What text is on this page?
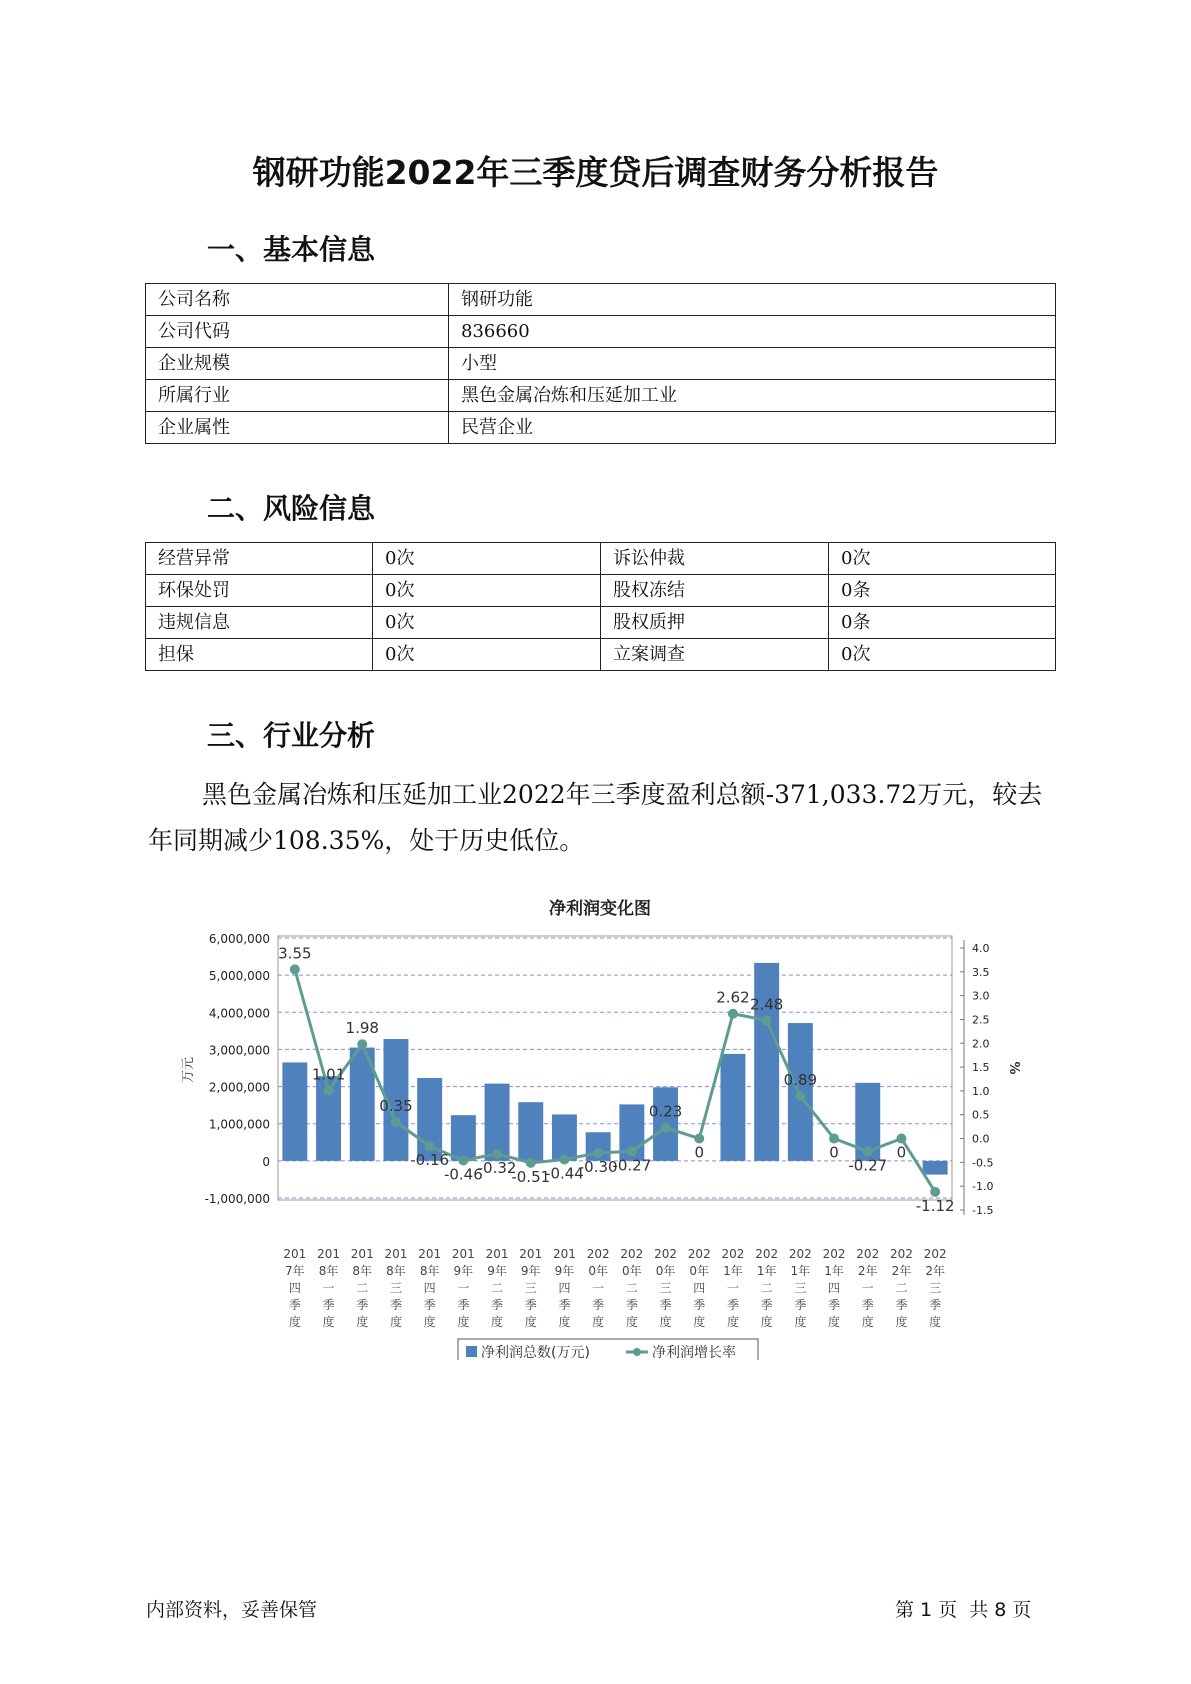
钢研功能2022年三季度贷后调查财务分析报告
一、基本信息
公司名称	钢研功能
公司代码	836660
企业规模	小型
所属行业	黑色金属冶炼和压延加工业
企业属性	民营企业
二、风险信息
经营异常	0次	诉讼仲裁	0次
环保处罚	0次	股权冻结	0条
违规信息	0次	股权质押	0条
担保	0次	立案调查	0次
三、行业分析
黑色金属冶炼和压延加工业2022年三季度盈利总额-371,033.72万元，较去年同期减少108.35%，处于历史低位。
净利润变化图
6,000,000
5,000,000
4,000,000
3,000,000
2,000,000
1,000,000
0
-1,000,000
万元
4.0
3.5
3.0
2.5
2.0
1.5
1.0
0.5
0.0
-0.5
-1.0
-1.5
%
3.55
1.01
1.98
0.35
-0.16
-0.46
-0.32
-0.51
-0.44
-0.30
-0.27
0.23
0
2.62 2.48
0.89
0
-0.27
0
-1.12
201
7年
四
季
度
201
8年
一
季
度
201
8年
二
季
度
201
8年
三
季
度
201
8年
四
季
度
201
9年
一
季
度
201
9年
二
季
度
201
9年
三
季
度
201
9年
四
季
度
202
0年
一
季
度
202
0年
二
季
度
202
0年
三
季
度
202
0年
四
季
度
202
1年
一
季
度
202
1年
二
季
度
202
1年
三
季
度
202
1年
四
季
度
202
2年
一
季
度
202
2年
二
季
度
202
2年
三
季
度
净利润总数(万元)	净利润增长率
内部资料，妥善保管	第 1 页  共 8 页
